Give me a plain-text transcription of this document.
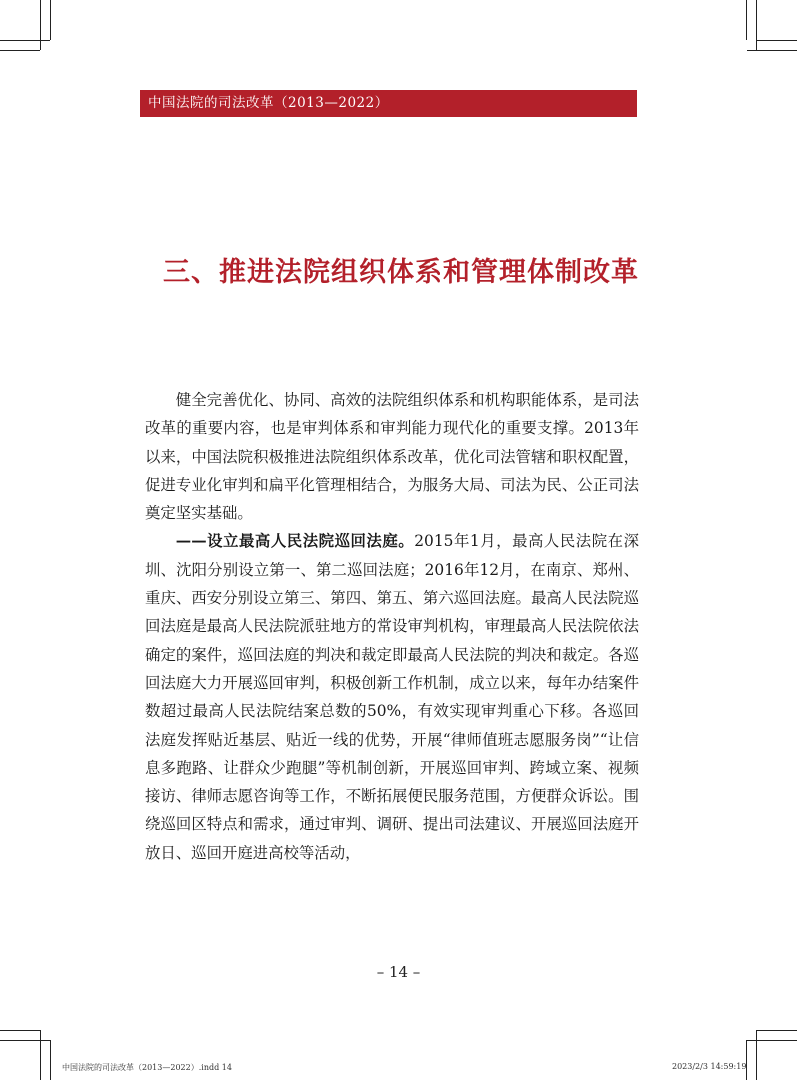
中国法院的司法改革（2013—2022）
三、推进法院组织体系和管理体制改革

健全完善优化、协同、高效的法院组织体系和机构职能体系，是司法改革的重要内容，也是审判体系和审判能力现代化的重要支撑。2013年以来，中国法院积极推进法院组织体系改革，优化司法管辖和职权配置，促进专业化审判和扁平化管理相结合，为服务大局、司法为民、公正司法奠定坚实基础。

——设立最高人民法院巡回法庭。2015年1月，最高人民法院在深圳、沈阳分别设立第一、第二巡回法庭；2016年12月，在南京、郑州、重庆、西安分别设立第三、第四、第五、第六巡回法庭。最高人民法院巡回法庭是最高人民法院派驻地方的常设审判机构，审理最高人民法院依法确定的案件，巡回法庭的判决和裁定即最高人民法院的判决和裁定。各巡回法庭大力开展巡回审判，积极创新工作机制，成立以来，每年办结案件数超过最高人民法院结案总数的50%，有效实现审判重心下移。各巡回法庭发挥贴近基层、贴近一线的优势，开展“律师值班志愿服务岗”“让信息多跑路、让群众少跑腿”等机制创新，开展巡回审判、跨域立案、视频接访、律师志愿咨询等工作，不断拓展便民服务范围，方便群众诉讼。围绕巡回区特点和需求，通过审判、调研、提出司法建议、开展巡回法庭开放日、巡回开庭进高校等活动，

– 14 –
中国法院的司法改革（2013—2022）.indd 14	2023/2/3 14:59:19
